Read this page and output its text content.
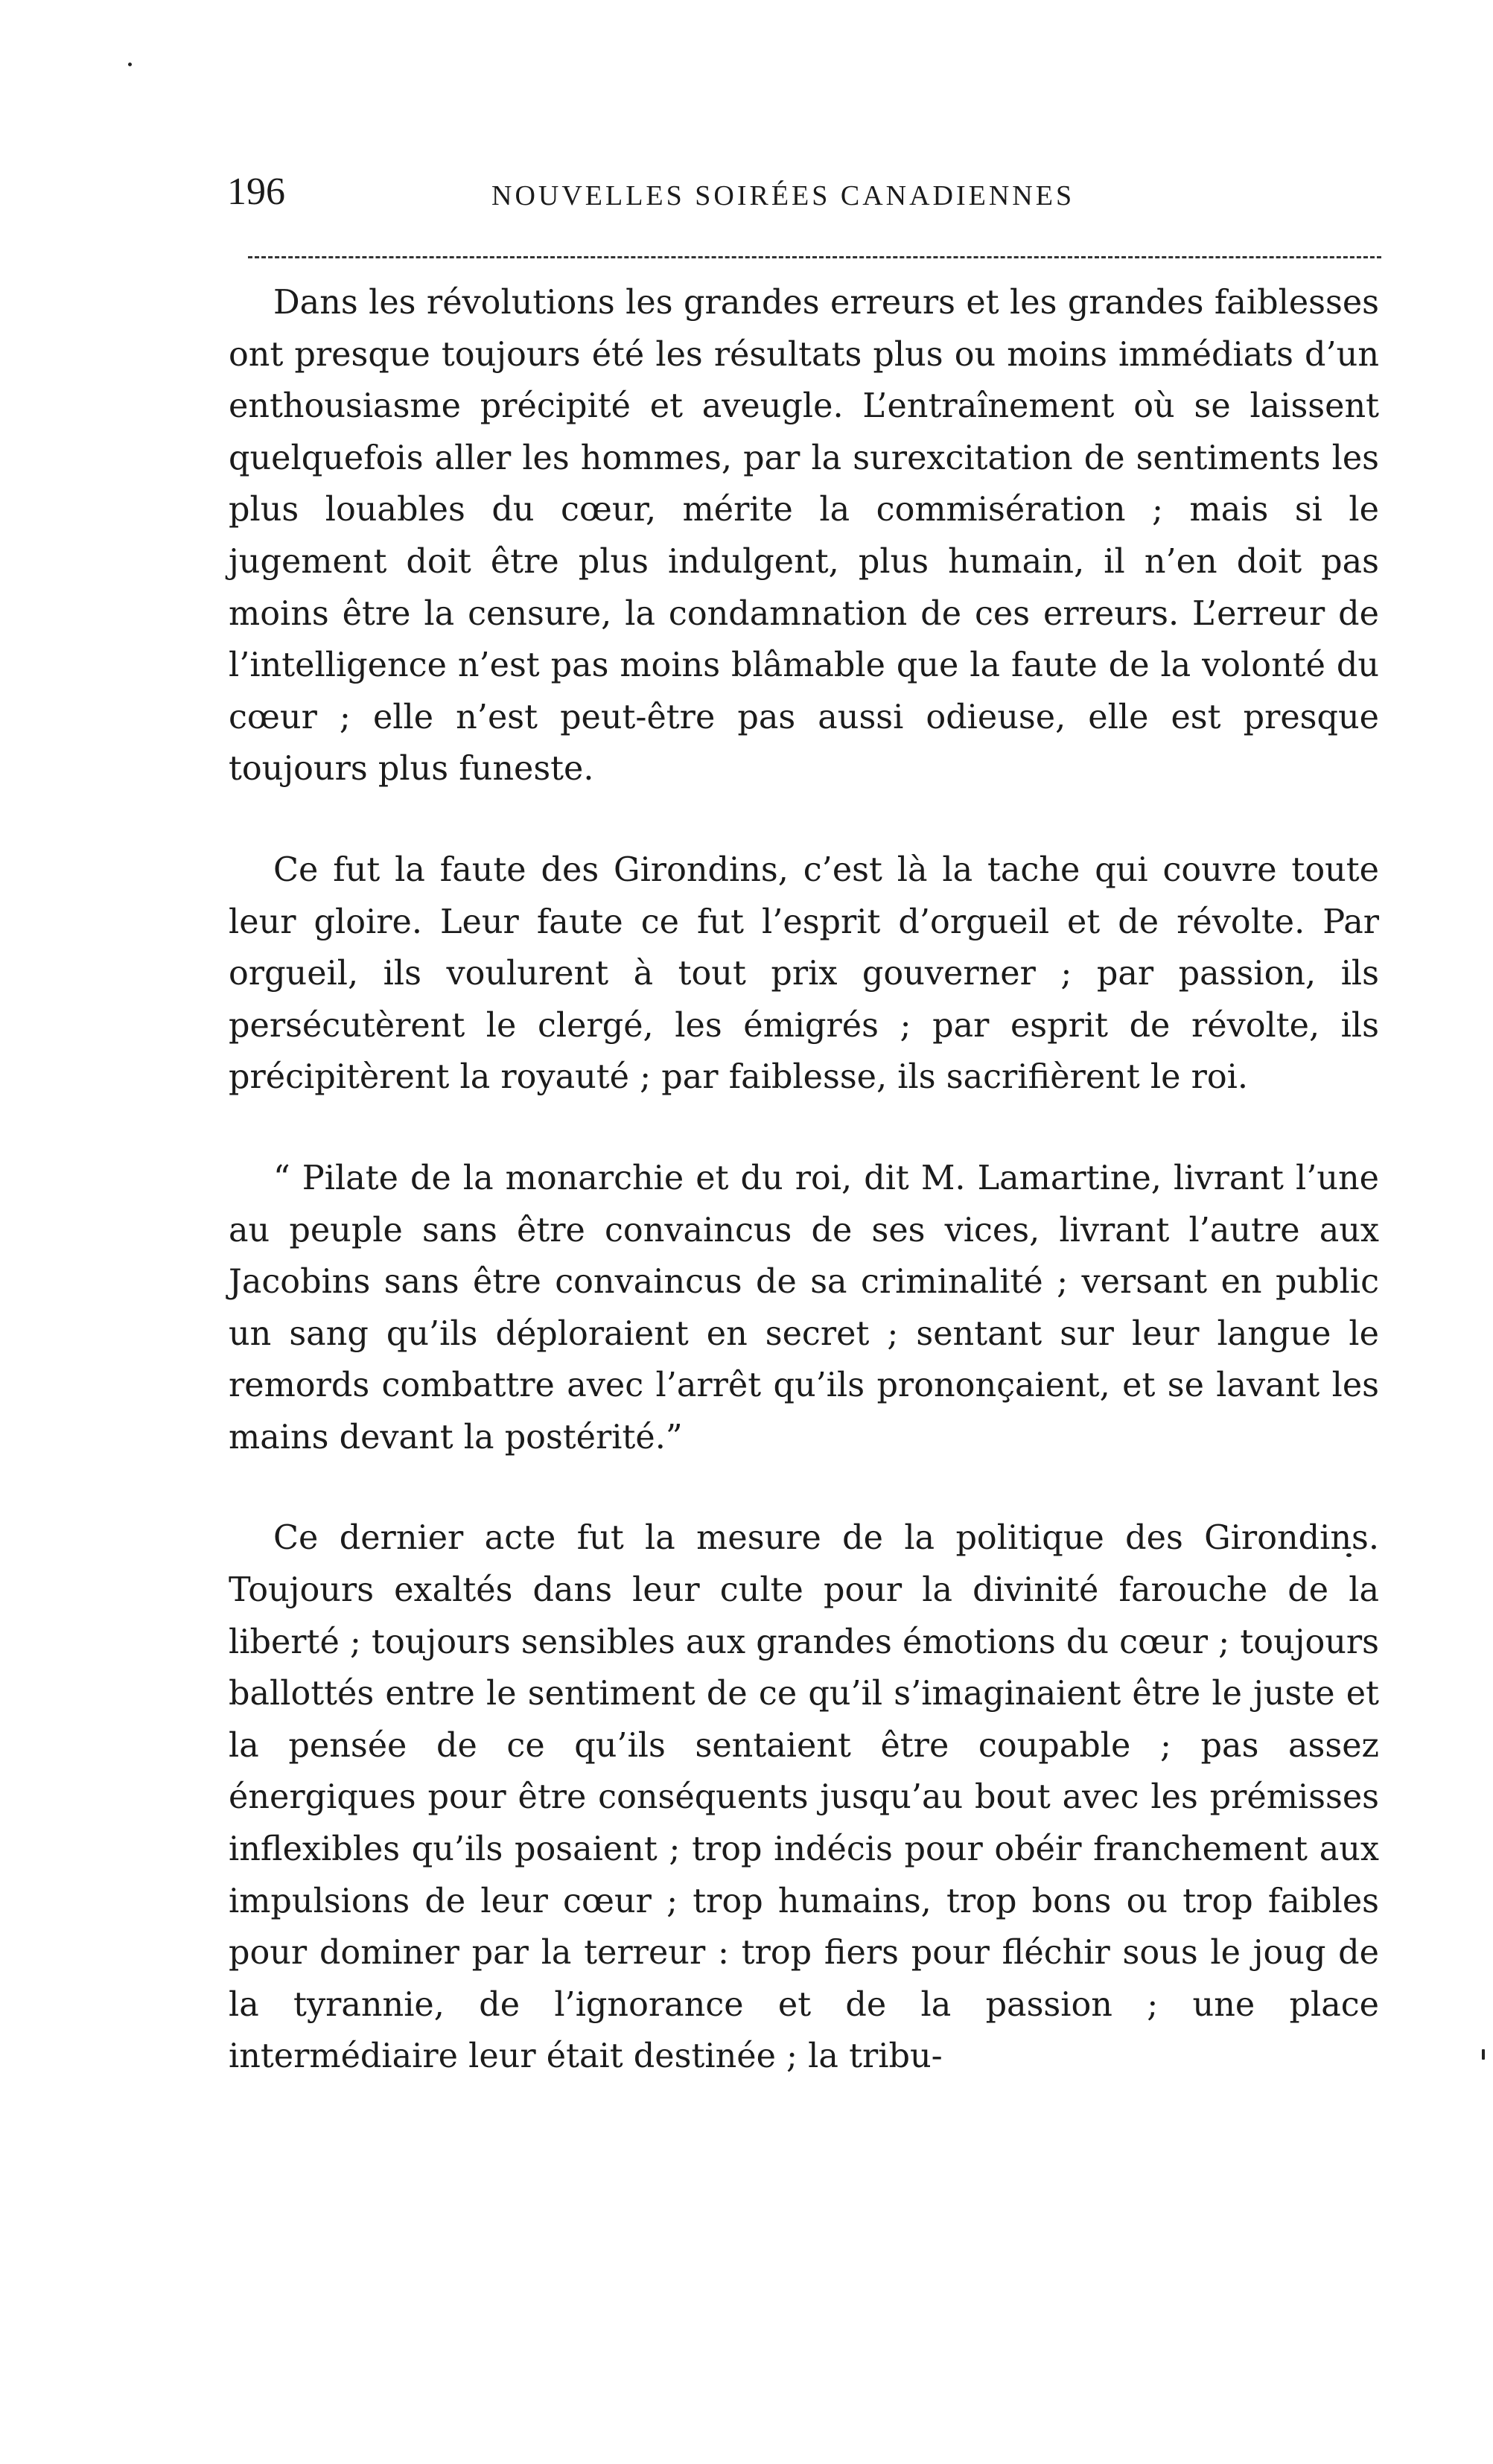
196	NOUVELLES SOIRÉES CANADIENNES

Dans les révolutions les grandes erreurs et les grandes faiblesses ont presque toujours été les résultats plus ou moins immédiats d’un enthousiasme précipité et aveugle. L’entraînement où se laissent quelquefois aller les hommes, par la surexcitation de sentiments les plus louables du cœur, mérite la commisération ; mais si le jugement doit être plus indulgent, plus humain, il n’en doit pas moins être la censure, la condamnation de ces erreurs. L’erreur de l’intelligence n’est pas moins blâmable que la faute de la volonté du cœur ; elle n’est peut-être pas aussi odieuse, elle est presque toujours plus funeste.

Ce fut la faute des Girondins, c’est là la tache qui couvre toute leur gloire. Leur faute ce fut l’esprit d’orgueil et de révolte. Par orgueil, ils voulurent à tout prix gouverner ; par passion, ils persécutèrent le clergé, les émigrés ; par esprit de révolte, ils précipitèrent la royauté ; par faiblesse, ils sacrifièrent le roi.

“ Pilate de la monarchie et du roi, dit M. Lamartine, livrant l’une au peuple sans être convaincus de ses vices, livrant l’autre aux Jacobins sans être convaincus de sa criminalité ; versant en public un sang qu’ils déploraient en secret ; sentant sur leur langue le remords combattre avec l’arrêt qu’ils prononçaient, et se lavant les mains devant la postérité.”

Ce dernier acte fut la mesure de la politique des Girondins. Toujours exaltés dans leur culte pour la divinité farouche de la liberté ; toujours sensibles aux grandes émotions du cœur ; toujours ballottés entre le sentiment de ce qu’il s’imaginaient être le juste et la pensée de ce qu’ils sentaient être coupable ; pas assez énergiques pour être conséquents jusqu’au bout avec les prémisses inflexibles qu’ils posaient ; trop indécis pour obéir franchement aux impulsions de leur cœur ; trop humains, trop bons ou trop faibles pour dominer par la terreur : trop fiers pour fléchir sous le joug de la tyrannie, de l’ignorance et de la passion ; une place intermédiaire leur était destinée ; la tribu-
